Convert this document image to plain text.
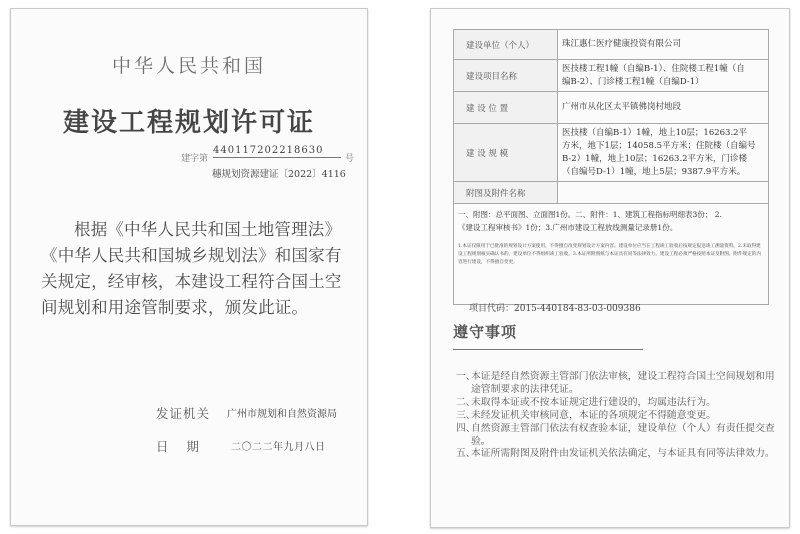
中华人民共和国
建设工程规划许可证
建字第
440117202218630
号
穗规划资源建证〔2022〕4116
根据《中华人民共和国土地管理法》《中华人民共和国城乡规划法》和国家有关规定，经审核，本建设工程符合国土空间规划和用途管制要求，颁发此证。
发证机关 广州市规划和自然资源局
日 期	二〇二二年九月八日
建设单位（个人）	珠江惠仁医疗健康投资有限公司

建设项目名称	医技楼工程1幢（自编B-1）、住院楼工程1幢（自
编B-2）、门诊楼工程1幢（自编D-1）

建 设 位 置	广州市从化区太平镇佛岗村地段

建 设 规 模	医技楼（自编B-1）1幢，地上10层；16263.2平
方米，地下1层；14058.5平方米；住院楼（自编号
B-2）1幢，地上10层；16263.2平方米，门诊楼
（自编号D-1）1幢，地上5层；9387.9平方米。

附图及附件名称	

一、附图：总平面图、立面图1份。二、附件：1、建筑工程指标明细表3份； 2.
《建设工程审核书》1份；3.广州市建设工程放线测量记录册1份。
1.本证仅限用于已批准的规划设计方案使用，不得擅自改变规划设计方案内容。建设单位应当在工程竣工验收后按规定报送竣工测量资料。2.未取得建设工程规划核实确认书的，建设单位不得组织竣工验收。3.本证所附图纸与本证具有同等法律效力。建设工程必须严格按照本证及附图、附件规定的内容进行建设，不得擅自变更。	
项目代码：2015-440184-83-03-009386
遵守事项
一、
本证是经自然资源主管部门依法审核，建设工程符合国土空间规划和用途管制要求的法律凭证。
二、
未取得本证或不按本证规定进行建设的，均属违法行为。
三、
未经发证机关审核同意，本证的各项规定不得随意变更。
四、
自然资源主管部门依法有权查验本证，建设单位（个人）有责任提交查验。
五、
本证所需附图及附件由发证机关依法确定，与本证具有同等法律效力。
